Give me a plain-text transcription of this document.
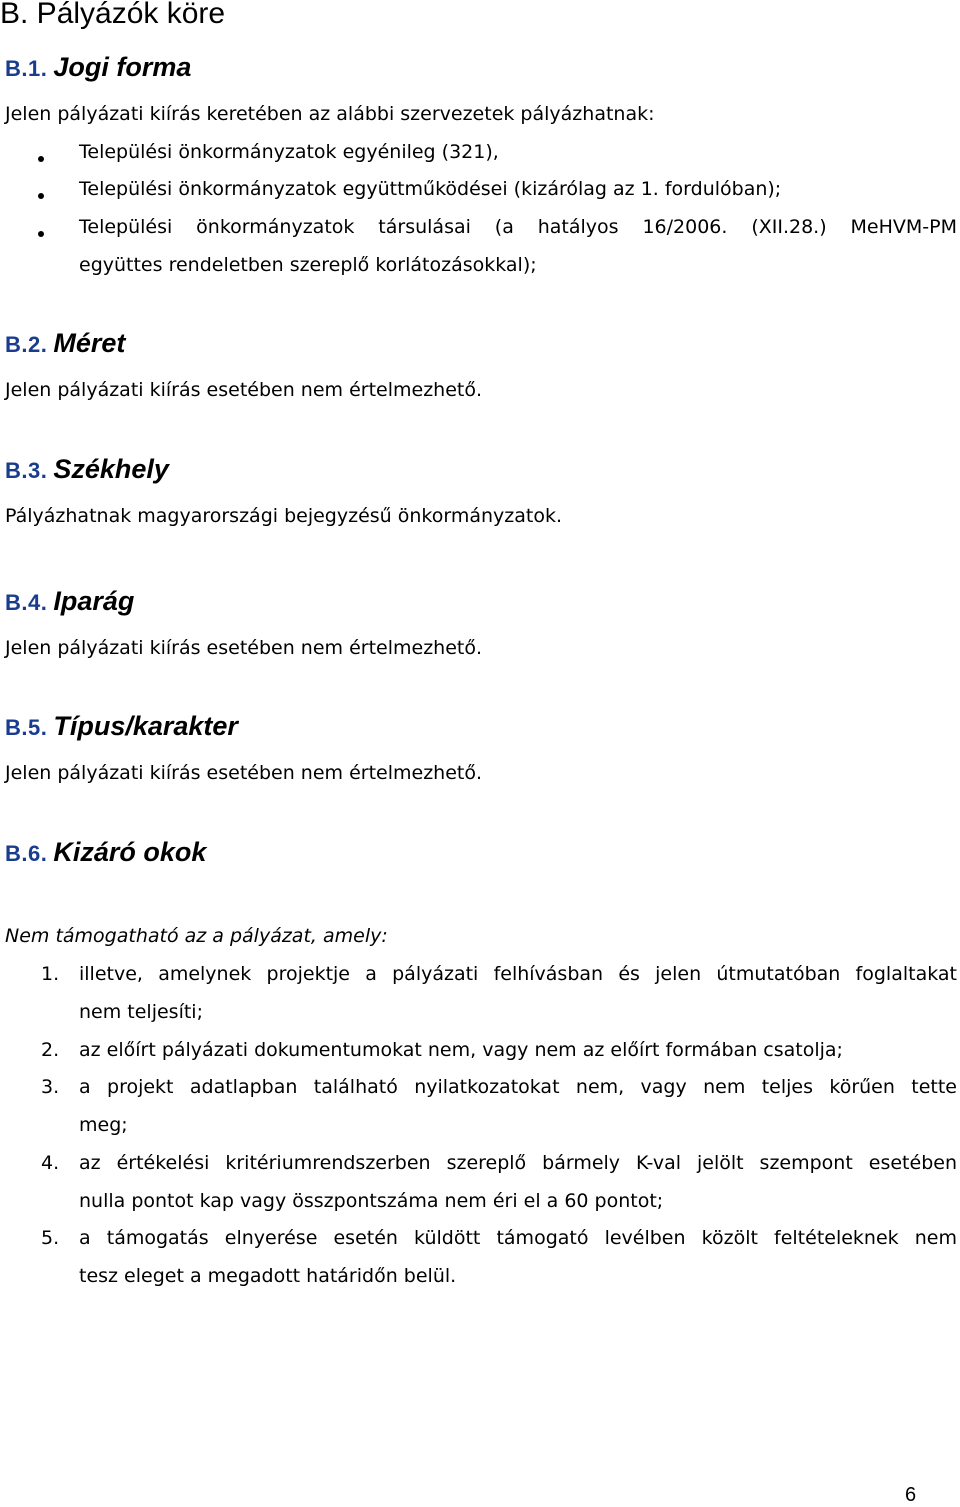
B. Pályázók köre
B.1. Jogi forma
Jelen pályázati kiírás keretében az alábbi szervezetek pályázhatnak:
Települési önkormányzatok egyénileg (321),
Települési önkormányzatok együttműködései (kizárólag az 1. fordulóban);
Települési önkormányzatok társulásai (a hatályos 16/2006. (XII.28.) MeHVM-PM
együttes rendeletben szereplő korlátozásokkal);
B.2. Méret
Jelen pályázati kiírás esetében nem értelmezhető.
B.3. Székhely
Pályázhatnak magyarországi bejegyzésű önkormányzatok.
B.4. Iparág
Jelen pályázati kiírás esetében nem értelmezhető.
B.5. Típus/karakter
Jelen pályázati kiírás esetében nem értelmezhető.
B.6. Kizáró okok
Nem támogatható az a pályázat, amely:
1. illetve, amelynek projektje a pályázati felhívásban és jelen útmutatóban foglaltakat
nem teljesíti;
2. az előírt pályázati dokumentumokat nem, vagy nem az előírt formában csatolja;
3. a projekt adatlapban található nyilatkozatokat nem, vagy nem teljes körűen tette
meg;
4. az értékelési kritériumrendszerben szereplő bármely K-val jelölt szempont esetében
nulla pontot kap vagy összpontszáma nem éri el a 60 pontot;
5. a támogatás elnyerése esetén küldött támogató levélben közölt feltételeknek nem
tesz eleget a megadott határidőn belül.
6
